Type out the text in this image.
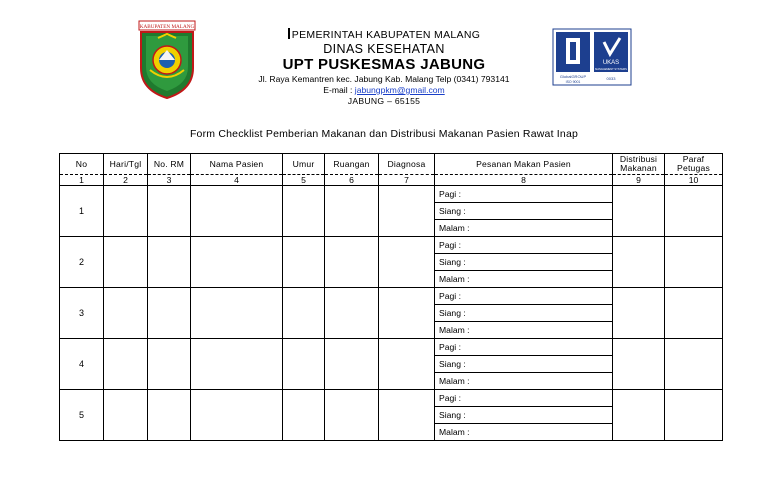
KABUPATEN MALANG
PEMERINTAH KABUPATEN MALANG
DINAS KESEHATAN
UPT PUSKESMAS JABUNG
Jl. Raya Kemantren kec. Jabung Kab. Malang Telp (0341) 793141
E-mail : jabungpkm@gmail.com
JABUNG – 65155
UKAS
MANAGEMENT SYSTEMS
GlobalGROUP
ISO 9001
0033
Form Checklist Pemberian Makanan dan Distribusi Makanan Pasien Rawat Inap
No	Hari/Tgl	No. RM	Nama Pasien	Umur	Ruangan	Diagnosa	Pesanan Makan Pasien	Distribusi Makanan	Paraf Petugas
1	2	3	4	5	6	7	8	9	10
1							Pagi :		
							Siang :		
							Malam :		
2							Pagi :		
							Siang :		
							Malam :		
3							Pagi :		
							Siang :		
							Malam :		
4							Pagi :		
							Siang :		
							Malam :		
5							Pagi :		
							Siang :		
							Malam :		
